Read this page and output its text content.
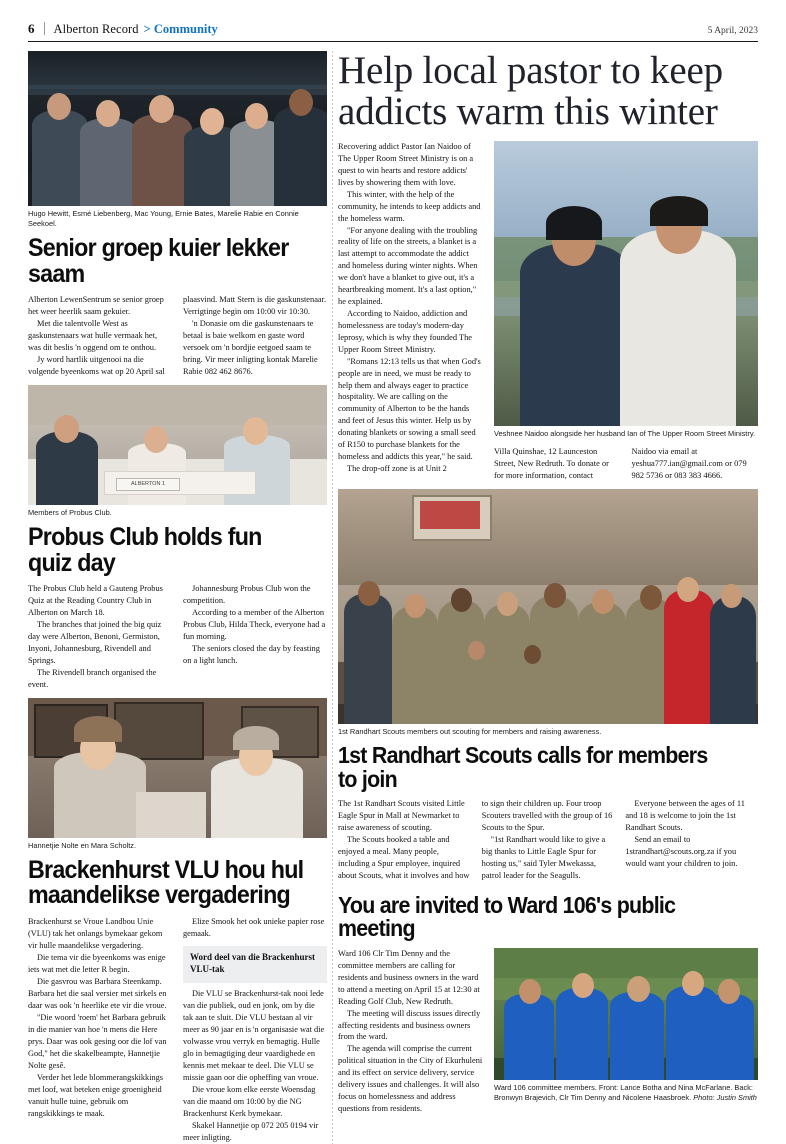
6	Alberton Record > Community	5 April, 2023
Hugo Hewitt, Esmé Liebenberg, Mac Young, Ernie Bates, Marelie Rabie en Connie Seekoel.
Senior groep kuier lekker saam

Alberton LewenSentrum se senior groep het weer heerlik saam gekuier.

Met die talentvolle West as gaskunstenaars wat hulle vermaak het, was dit beslis 'n oggend om te onthou.

Jy word hartlik uitgenooi na die volgende byeenkoms wat op 20 April sal plaasvind. Matt Stern is die gaskunstenaar. Verrigtinge begin om 10:00 vir 10:30.

'n Donasie om die gaskunstenaars te betaal is baie welkom en gaste word versoek om 'n bordjie eetgoed saam te bring. Vir meer inligting kontak Marelie Rabie 082 462 8676.

ALBERTON 1
Members of Probus Club.
Probus Club holds fun quiz day

The Probus Club held a Gauteng Probus Quiz at the Reading Country Club in Alberton on March 18.

The branches that joined the big quiz day were Alberton, Benoni, Germiston, Inyoni, Johannesburg, Rivendell and Springs.

The Rivendell branch organised the event.

Johannesburg Probus Club won the competition.

According to a member of the Alberton Probus Club, Hilda Theck, everyone had a fun morning.

The seniors closed the day by feasting on a light lunch.

Hannetjie Nolte en Mara Scholtz.
Brackenhurst VLU hou hul maandelikse vergadering

Brackenhurst se Vroue Landbou Unie (VLU) tak het onlangs bymekaar gekom vir hulle maandelikse vergadering.

Die tema vir die byeenkoms was enige iets wat met die letter R begin.

Die gasvrou was Barbara Steenkamp. Barbara het die saal versier met sirkels en daar was ook 'n heerlike ete vir die vroue.

"Die woord 'roem' het Barbara gebruik in die manier van hoe 'n mens die Here prys. Daar was ook gesing oor die lof van God," het die skakelbeampte, Hannetjie Nolte gesê.

Verder het lede blommerangskikkings met loof, wat beteken enige groenigheid vanuit hulle tuine, gebruik om rangskikkings te maak.

Elize Smook het ook unieke papier rose gemaak.

Word deel van die Brackenhurst VLU-tak

Die VLU se Brackenhurst-tak nooi lede van die publiek, oud en jonk, om by die tak aan te sluit. Die VLU bestaan al vir meer as 90 jaar en is 'n organisasie wat die volwasse vrou verryk en bemagtig. Hulle glo in bemagtiging deur vaardighede en kennis met mekaar te deel. Die VLU se missie gaan oor die opheffing van vroue.

Die vroue kom elke eerste Woensdag van die maand om 10:00 by die NG Brackenhurst Kerk bymekaar.

Skakel Hannetjie op 072 205 0194 vir meer inligting.

Help local pastor to keep addicts warm this winter

Recovering addict Pastor Ian Naidoo of The Upper Room Street Ministry is on a quest to win hearts and restore addicts' lives by showering them with love.

This winter, with the help of the community, he intends to keep addicts and the homeless warm.

"For anyone dealing with the troubling reality of life on the streets, a blanket is a last attempt to accommodate the addict and homeless during winter nights. When we don't have a blanket to give out, it's a heartbreaking moment. It's a last option," he explained.

According to Naidoo, addiction and homelessness are today's modern-day leprosy, which is why they founded The Upper Room Street Ministry.

"Romans 12:13 tells us that when God's people are in need, we must be ready to help them and always eager to practice hospitality. We are calling on the community of Alberton to be the hands and feet of Jesus this winter. Help us by donating blankets or sowing a small seed of R150 to purchase blankets for the homeless and addicts this year," he said.

The drop-off zone is at Unit 2

Veshnee Naidoo alongside her husband Ian of The Upper Room Street Ministry.

Villa Quinshae, 12 Launceston Street, New Redruth. To donate or for more information, contact

Naidoo via email at yeshua777.ian@gmail.com or 079 982 5736 or 083 383 4666.

1st Randhart Scouts members out scouting for members and raising awareness.
1st Randhart Scouts calls for members to join

The 1st Randhart Scouts visited Little Eagle Spur in Mall at Newmarket to raise awareness of scouting.

The Scouts booked a table and enjoyed a meal. Many people, including a Spur employee, inquired about Scouts, what it involves and how to sign their children up. Four troop Scouters travelled with the group of 16 Scouts to the Spur.

"1st Randhart would like to give a big thanks to Little Eagle Spur for hosting us," said Tyler Mwekassa, patrol leader for the Seagulls.

Everyone between the ages of 11 and 18 is welcome to join the 1st Randhart Scouts.

Send an email to 1strandhart@scouts.org.za if you would want your children to join.

You are invited to Ward 106's public meeting

Ward 106 Clr Tim Denny and the committee members are calling for residents and business owners in the ward to attend a meeting on April 15 at 12:30 at Reading Golf Club, New Redruth.

The meeting will discuss issues directly affecting residents and business owners from the ward.

The agenda will comprise the current political situation in the City of Ekurhuleni and its effect on service delivery, service delivery issues and challenges. It will also focus on homelessness and address questions from residents.

Ward 106 committee members. Front: Lance Botha and Nina McFarlane. Back: Bronwyn Brajevich, Clr Tim Denny and Nicolene Haasbroek. Photo: Justin Smith
